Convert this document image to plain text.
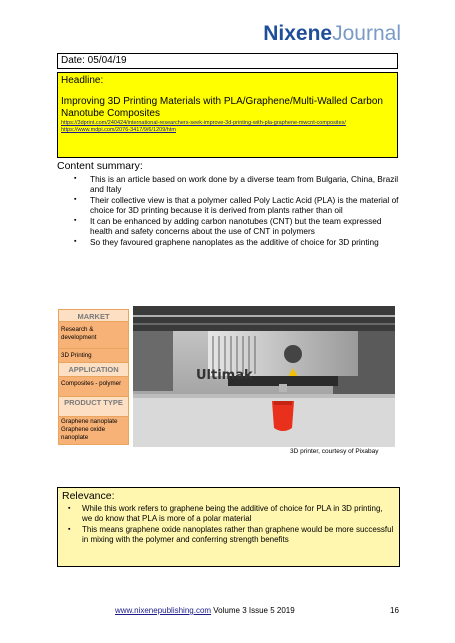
NixeneJournal
Date: 05/04/19
Headline:
Improving 3D Printing Materials with PLA/Graphene/Multi-Walled Carbon Nanotube Composites
https://3dprint.com/240424/international-researchers-seek-improve-3d-printing-with-pla-graphene-mwcnt-composites/
https://www.mdpi.com/2076-3417/9/6/1209/htm
Content summary:
▪ This is an article based on work done by a diverse team from Bulgaria, China, Brazil and Italy
▪ Their collective view is that a polymer called Poly Lactic Acid (PLA) is the material of choice for 3D printing because it is derived from plants rather than oil
▪ It can be enhanced by adding carbon nanotubes (CNT) but the team expressed health and safety concerns about the use of CNT in polymers
▪ So they favoured graphene nanoplates as the additive of choice for 3D printing
MARKET
Research & development
3D Printing
APPLICATION
Composites - polymer
PRODUCT TYPE
Graphene nanoplate Graphene oxide nanoplate
Ultimak
3D printer, courtesy of Pixabay
Relevance:
▪ While this work refers to graphene being the additive of choice for PLA in 3D printing, we do know that PLA is more of a polar material
▪ This means graphene oxide nanoplates rather than graphene would be more successful in mixing with the polymer and conferring strength benefits
www.nixenepublishing.com Volume 3 Issue 5 2019	16
